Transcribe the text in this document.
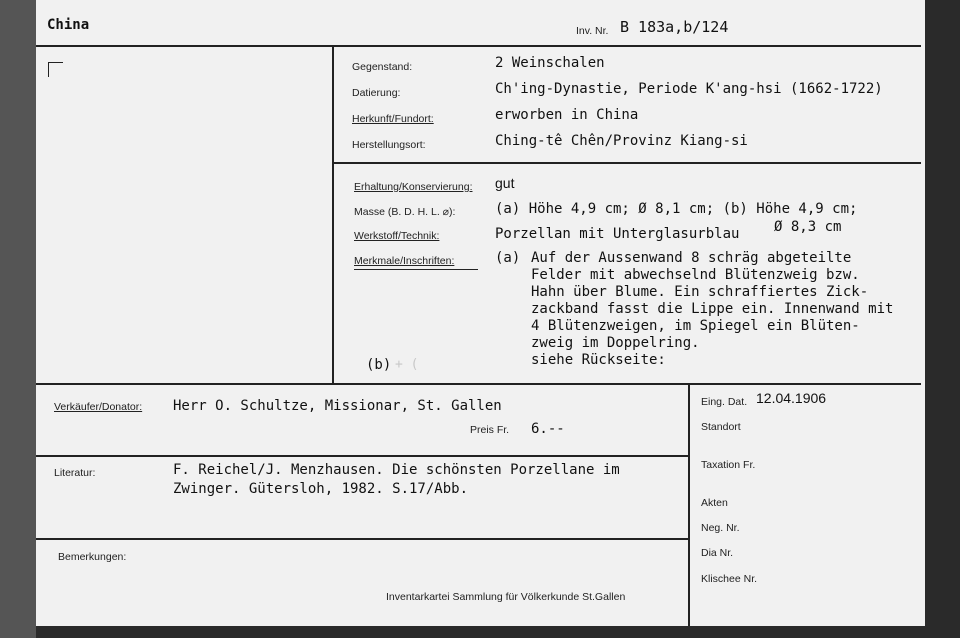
China	Inv. Nr. B 183a,b/124
Gegenstand:	2 Weinschalen
Datierung:	Ch'ing-Dynastie, Periode K'ang-hsi (1662-1722)
Herkunft/Fundort:	erworben in China
Herstellungsort:	Ching-tê Chên/Provinz Kiang-si
Erhaltung/Konservierung: gut
Masse (B. D. H. L. ⌀):	(a) Höhe 4,9 cm; Ø 8,1 cm; (b) Höhe 4,9 cm;
Ø 8,3 cm
Werkstoff/Technik:	Porzellan mit Unterglasurblau
Merkmale/Inschriften:	(a) Auf der Aussenwand 8 schräg abgeteilte
Felder mit abwechselnd Blütenzweig bzw.
Hahn über Blume. Ein schraffiertes Zick-
zackband fasst die Lippe ein. Innenwand mit
4 Blütenzweigen, im Spiegel ein Blüten-
zweig im Doppelring.
siehe Rückseite:
(b) + (
Verkäufer/Donator: Herr O. Schultze, Missionar, St. Gallen
Preis Fr. 6.--
Literatur:	F. Reichel/J. Menzhausen. Die schönsten Porzellane im
Zwinger. Gütersloh, 1982. S.17/Abb.
Bemerkungen:
Inventarkartei Sammlung für Völkerkunde St.Gallen
Eing. Dat. 12.04.1906
Standort
Taxation Fr.
Akten
Neg. Nr.
Dia Nr.
Klischee Nr.
